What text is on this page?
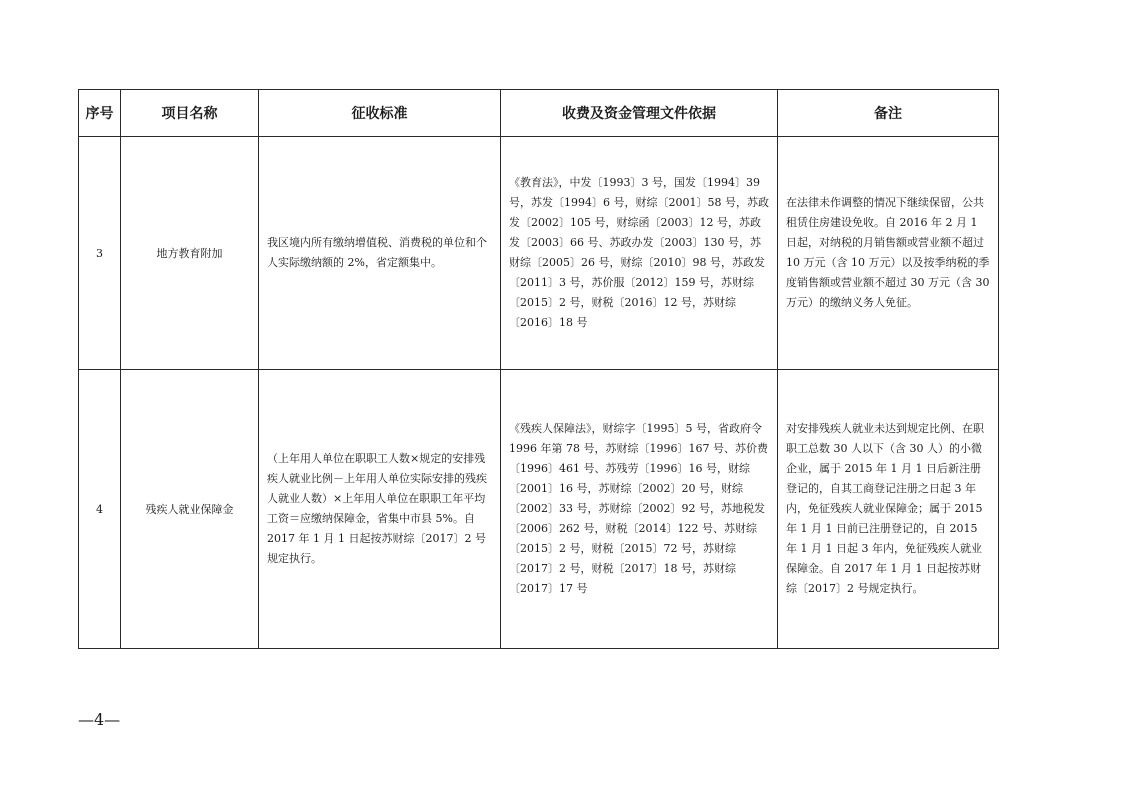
序号	项目名称	征收标准	收费及资金管理文件依据	备注
3	地方教育附加	我区境内所有缴纳增值税、消费税的单位和个人实际缴纳额的 2%，省定额集中。	《教育法》，中发〔1993〕3 号，国发〔1994〕39 号，苏发〔1994〕6 号，财综〔2001〕58 号，苏政发〔2002〕105 号，财综函〔2003〕12 号，苏政发〔2003〕66 号、苏政办发〔2003〕130 号，苏财综〔2005〕26 号，财综〔2010〕98 号，苏政发〔2011〕3 号，苏价服〔2012〕159 号，苏财综〔2015〕2 号，财税〔2016〕12 号，苏财综〔2016〕18 号	在法律未作调整的情况下继续保留，公共租赁住房建设免收。自 2016 年 2 月 1 日起，对纳税的月销售额或营业额不超过 10 万元（含 10 万元）以及按季纳税的季度销售额或营业额不超过 30 万元（含 30 万元）的缴纳义务人免征。

4	残疾人就业保障金	（上年用人单位在职职工人数×规定的安排残疾人就业比例－上年用人单位实际安排的残疾人就业人数）×上年用人单位在职职工年平均工资＝应缴纳保障金，省集中市县 5%。自 2017 年 1 月 1 日起按苏财综〔2017〕2 号规定执行。	《残疾人保障法》，财综字〔1995〕5 号，省政府令 1996 年第 78 号，苏财综〔1996〕167 号、苏价费〔1996〕461 号、苏残劳〔1996〕16 号，财综〔2001〕16 号，苏财综〔2002〕20 号，财综〔2002〕33 号，苏财综〔2002〕92 号，苏地税发〔2006〕262 号，财税〔2014〕122 号、苏财综〔2015〕2 号，财税〔2015〕72 号，苏财综〔2017〕2 号，财税〔2017〕18 号，苏财综〔2017〕17 号	对安排残疾人就业未达到规定比例、在职职工总数 30 人以下（含 30 人）的小微企业，属于 2015 年 1 月 1 日后新注册登记的，自其工商登记注册之日起 3 年内，免征残疾人就业保障金；属于 2015 年 1 月 1 日前已注册登记的，自 2015 年 1 月 1 日起 3 年内，免征残疾人就业保障金。自 2017 年 1 月 1 日起按苏财综〔2017〕2 号规定执行。
—4—
